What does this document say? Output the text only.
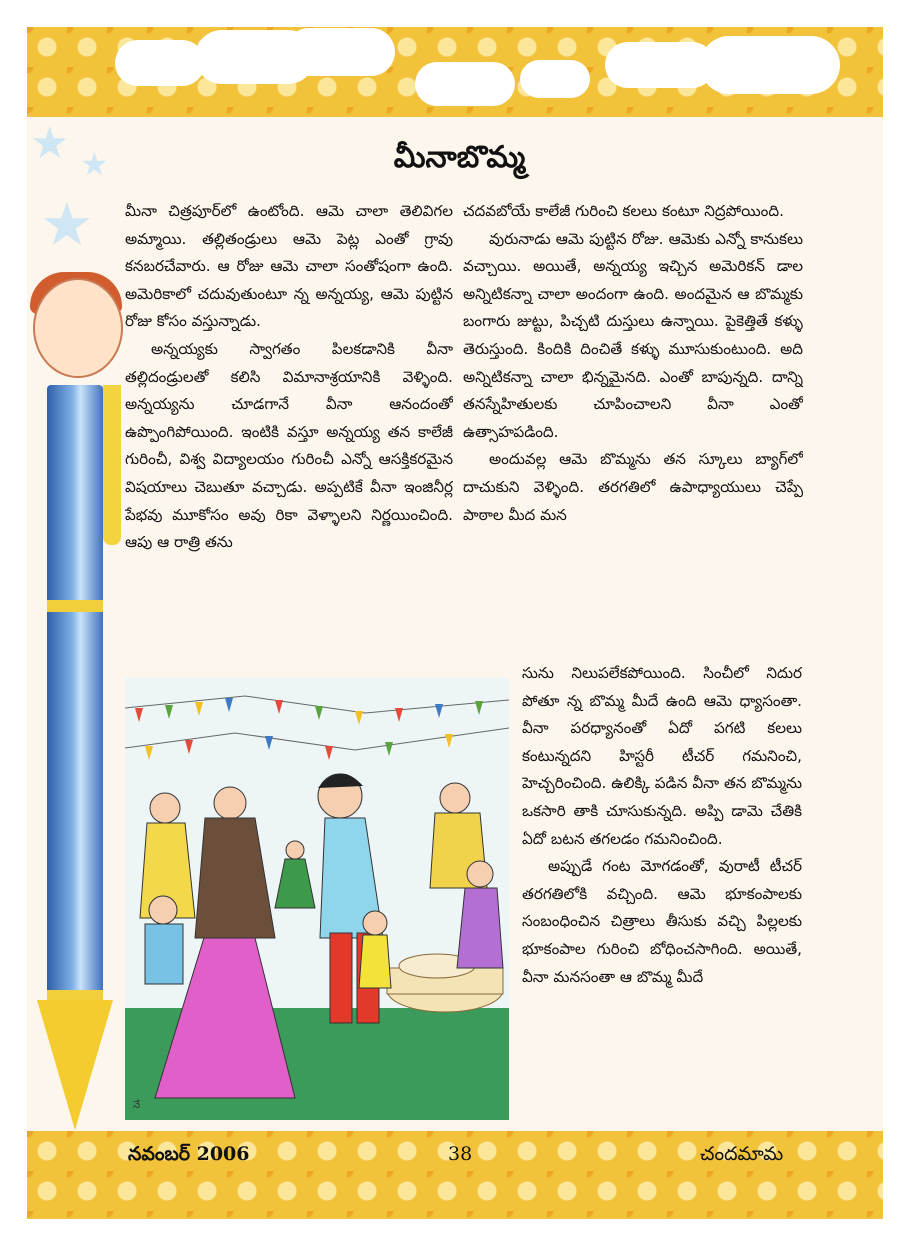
★ ★
★
మీనాబొమ్మ

మీనా చిత్రపూర్‌లో ఉంటోంది. ఆమె చాలా తెలివిగల అమ్మాయి. తల్లితండ్రులు ఆమె పెట్ల ఎంతో గ్రావు కనబరచేవారు. ఆ రోజు ఆమె చాలా సంతోషంగా ఉంది. అమెరికాలో చదువుతుంటూ న్న అన్నయ్య, ఆమె పుట్టిన రోజు కోసం వస్తున్నాడు.

అన్నయ్యకు స్వాగతం పిలకడానికి వీనా తల్లిదండ్రులతో కలిసి విమానాశ్రయానికి వెళ్ళింది. అన్నయ్యను చూడగానే వీనా ఆనందంతో ఉప్పొంగిపోయింది. ఇంటికి వస్తూ అన్నయ్య తన కాలేజీ గురించీ, విశ్వ విద్యాలయం గురించీ ఎన్నో ఆసక్తికరమైన విషయాలు చెబుతూ వచ్చాడు. అప్పటికే వీనా ఇంజినీర్ల పేభవు మూకోసం అవు రికా వెళ్ళాలని నిర్ణయించింది. ఆపు ఆ రాత్రి తను

చదవబోయే కాలేజీ గురించి కలలు కంటూ నిద్రపోయింది.

వురునాడు ఆమె పుట్టిన రోజు. ఆమెకు ఎన్నో కానుకలు వచ్చాయి. అయితే, అన్నయ్య ఇచ్చిన అమెరికన్ డాల అన్నిటికన్నా చాలా అందంగా ఉంది. అందమైన ఆ బొమ్మకు బంగారు జుట్టు, పిచ్చటి దుస్తులు ఉన్నాయి. పైకెత్తితే కళ్ళు తెరుస్తుంది. కిందికి దించితే కళ్ళు మూసుకుంటుంది. అది అన్నిటికన్నా చాలా భిన్నమైనది. ఎంతో బాపున్నది. దాన్ని తనస్నేహితులకు చూపించాలని వీనా ఎంతో ఉత్సాహపడింది.

అందువల్ల ఆమె బొమ్మను తన స్కూలు బ్యాగ్‌లో దాచుకుని వెళ్ళింది. తరగతిలో ఉపాధ్యాయులు చెప్పే పాఠాల మీద మన

సును నిలుపలేకపోయింది. సించీలో నిదుర పోతూ న్న బొమ్మ మీదే ఉంది ఆమె ధ్యాసంతా. వీనా పరధ్యానంతో ఏదో పగటి కలలు కంటున్నదని హిస్టరీ టీచర్ గమనించి, హెచ్చరించింది. ఉలిక్కి పడిన వీనా తన బొమ్మను ఒకసారి తాకి చూసుకున్నది. అప్పి డామె చేతికి ఏదో బటన తగలడం గమనించింది.

అప్పుడే గంట మోగడంతో, వురాటీ టీచర్ తరగతిలోకి వచ్చింది. ఆమె భూకంపాలకు సంబంధించిన చిత్రాలు తీసుకు వచ్చి పిల్లలకు భూకంపాల గురించి బోధించసాగింది. అయితే, వీనా మనసంతా ఆ బొమ్మ మీదే

నే
నవంబర్ 2006	38	చందమామ
